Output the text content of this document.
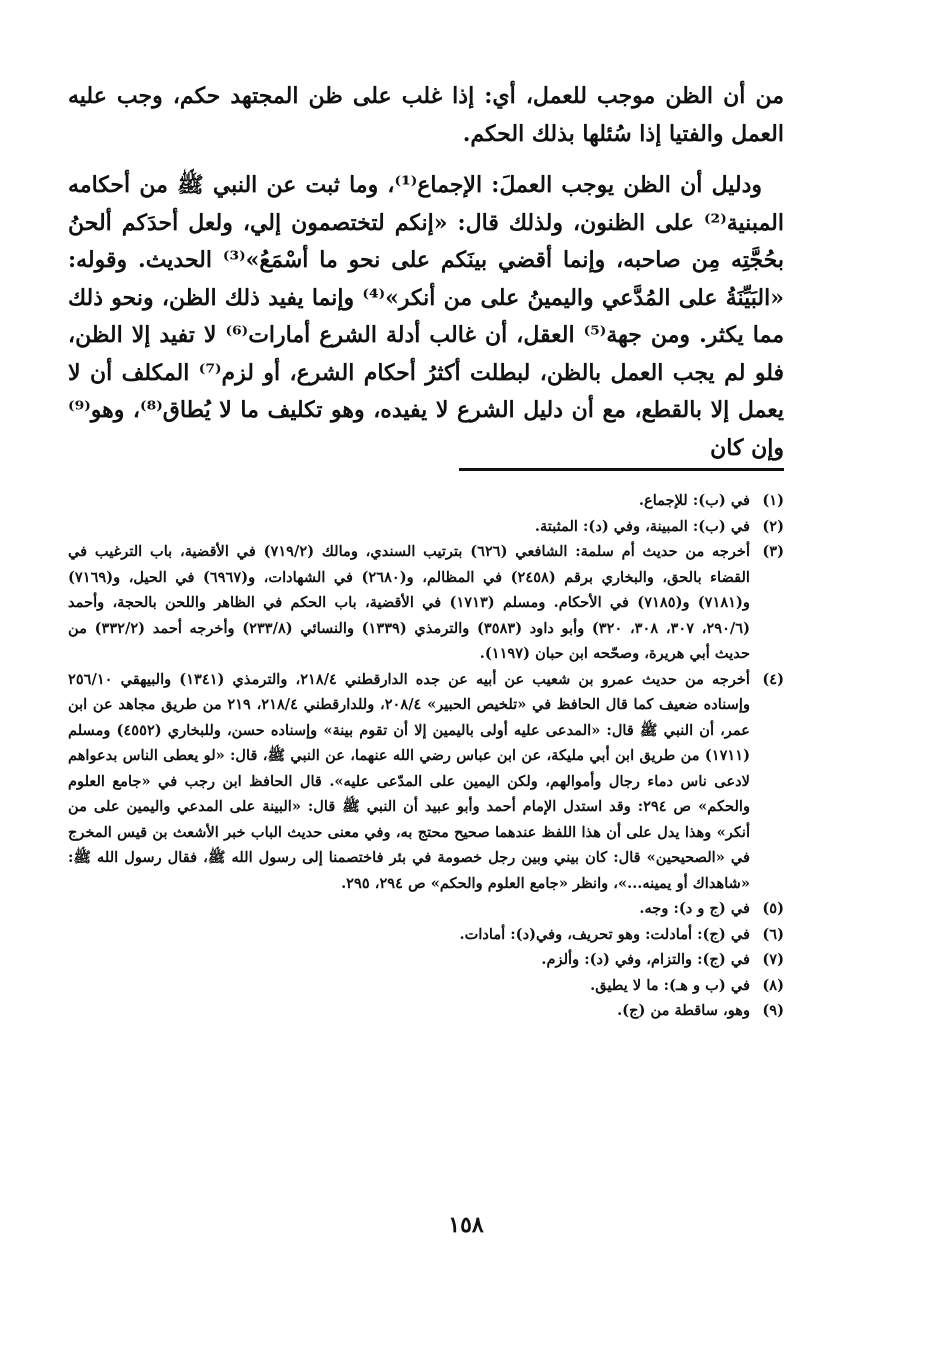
من أن الظن موجب للعمل، أي: إذا غلب على ظن المجتهد حكم، وجب عليه العمل والفتيا إذا سُئلها بذلك الحكم.

ودليل أن الظن يوجب العملَ: الإجماع⁽¹⁾، وما ثبت عن النبي ﷺ من أحكامه المبنية⁽²⁾ على الظنون، ولذلك قال: «إنكم لتختصمون إلي، ولعل أحدَكم ألحنُ بحُجَّتِه مِن صاحبه، وإنما أقضي بينَكم على نحو ما أسْمَعُ»⁽³⁾ الحديث. وقوله: «البَيِّنَةُ على المُدَّعي واليمينُ على من أنكر»⁽⁴⁾ وإنما يفيد ذلك الظن، ونحو ذلك مما يكثر. ومن جهة⁽⁵⁾ العقل، أن غالب أدلة الشرع أمارات⁽⁶⁾ لا تفيد إلا الظن، فلو لم يجب العمل بالظن، لبطلت أكثرُ أحكام الشرع، أو لزم⁽⁷⁾ المكلف أن لا يعمل إلا بالقطع، مع أن دليل الشرع لا يفيده، وهو تكليف ما لا يُطاق⁽⁸⁾، وهو⁽⁹⁾ وإن كان

(١)
في (ب): للإجماع.
(٢)
في (ب): المبينة، وفي (د): المثبتة.
(٣)
أخرجه من حديث أم سلمة: الشافعي (٦٢٦) بترتيب السندي، ومالك (٧١٩/٢) في الأقضية، باب الترغيب في القضاء بالحق، والبخاري برقم (٢٤٥٨) في المظالم، و(٢٦٨٠) في الشهادات، و(٦٩٦٧) في الحيل، و(٧١٦٩) و(٧١٨١) و(٧١٨٥) في الأحكام. ومسلم (١٧١٣) في الأقضية، باب الحكم في الظاهر واللحن بالحجة، وأحمد (٢٩٠/٦، ٣٠٧، ٣٠٨، ٣٢٠) وأبو داود (٣٥٨٣) والترمذي (١٣٣٩) والنسائي (٢٣٣/٨) وأخرجه أحمد (٣٣٢/٢) من حديث أبي هريرة، وصحّحه ابن حبان (١١٩٧).
(٤)
أخرجه من حديث عمرو بن شعيب عن أبيه عن جده الدارقطني ٢١٨/٤، والترمذي (١٣٤١) والبيهقي ٢٥٦/١٠ وإسناده ضعيف كما قال الحافظ في «تلخيص الحبير» ٢٠٨/٤، وللدارقطني ٢١٨/٤، ٢١٩ من طريق مجاهد عن ابن عمر، أن النبي ﷺ قال: «المدعى عليه أولى باليمين إلا أن تقوم بينة» وإسناده حسن، وللبخاري (٤٥٥٢) ومسلم (١٧١١) من طريق ابن أبي مليكة، عن ابن عباس رضي الله عنهما، عن النبي ﷺ، قال: «لو يعطى الناس بدعواهم لادعى ناس دماء رجال وأموالهم، ولكن اليمين على المدّعى عليه». قال الحافظ ابن رجب في «جامع العلوم والحكم» ص ٢٩٤: وقد استدل الإمام أحمد وأبو عبيد أن النبي ﷺ قال: «البينة على المدعي واليمين على من أنكر» وهذا يدل على أن هذا اللفظ عندهما صحيح محتج به، وفي معنى حديث الباب خبر الأشعث بن قيس المخرج في «الصحيحين» قال: كان بيني وبين رجل خصومة في بئر فاختصمنا إلى رسول الله ﷺ، فقال رسول الله ﷺ: «شاهداك أو يمينه...»، وانظر «جامع العلوم والحكم» ص ٢٩٤، ٢٩٥.
(٥)
في (ج و د): وجه.
(٦)
في (ج): أمادلت: وهو تحريف، وفي(د): أمادات.
(٧)
في (ج): والتزام، وفي (د): وألزم.
(٨)
في (ب و هـ): ما لا يطيق.
(٩)
وهو، ساقطة من (ج).
١٥٨
